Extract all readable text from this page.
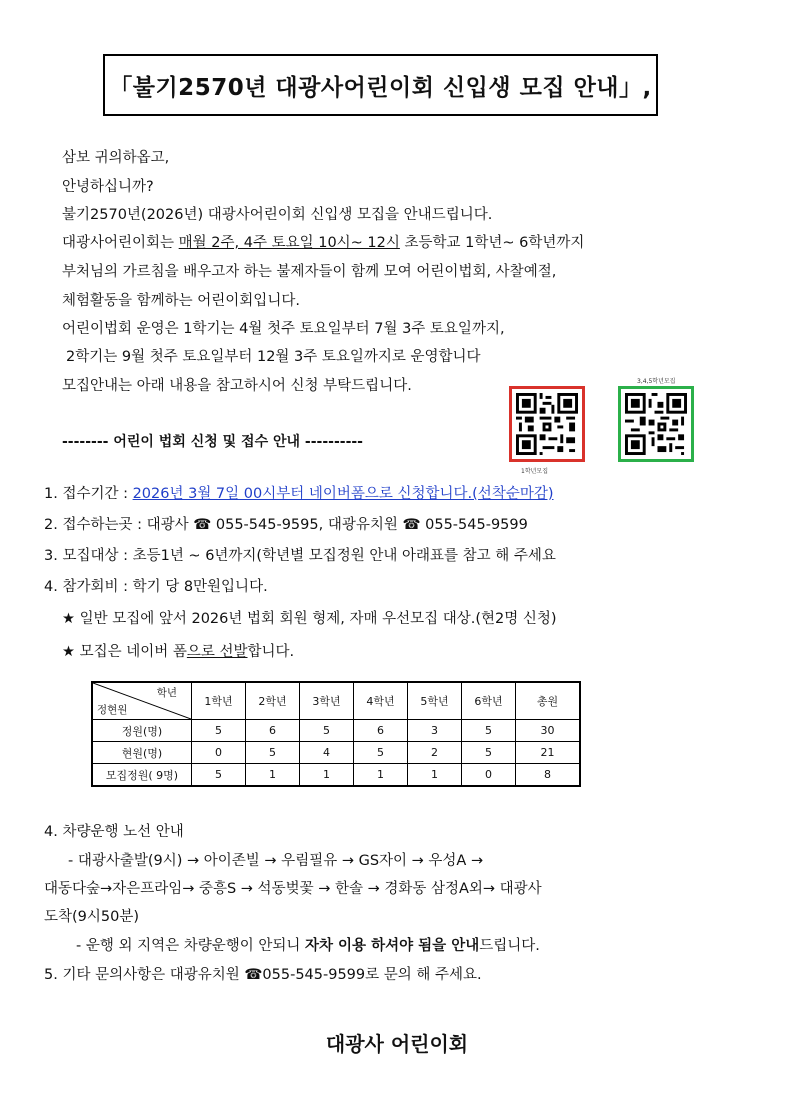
「불기2570년 대광사어린이회 신입생 모집 안내」,
삼보 귀의하옵고,
안녕하십니까?
불기2570년(2026년) 대광사어린이회 신입생 모집을 안내드립니다.
대광사어린이회는 매월 2주, 4주 토요일 10시~ 12시 초등학교 1학년~ 6학년까지
부처님의 가르침을 배우고자 하는 불제자들이 함께 모여 어린이법회, 사찰예절,
체험활동을 함께하는 어린이회입니다.
어린이법회 운영은 1학기는 4월 첫주 토요일부터 7월 3주 토요일까지,
2학기는 9월 첫주 토요일부터 12월 3주 토요일까지로 운영합니다
모집안내는 아래 내용을 참고하시어 신청 부탁드립니다.	3,4,5학년모집
1학년모집
-------- 어린이 법회 신청 및 접수 안내 ----------
1. 접수기간 : 2026년 3월 7일 00시부터 네이버폼으로 신청합니다.(선착순마감)
2. 접수하는곳 : 대광사 ☎ 055-545-9595, 대광유치원 ☎ 055-545-9599
3. 모집대상 : 초등1년 ~ 6년까지(학년별 모집정원 안내 아래표를 참고 해 주세요
4. 참가회비 : 학기 당 8만원입니다.
★ 일반 모집에 앞서 2026년 법회 회원 형제, 자매 우선모집 대상.(현2명 신청)
★ 모집은 네이버 폼으로 선발합니다.
학년
정현원	1학년	2학년	3학년	4학년	5학년	6학년	총원
정원(명)	5	6	5	6	3	5	30
현원(명)	0	5	4	5	2	5	21
모집정원( 9명)	5	1	1	1	1	0	8
4. 차량운행 노선 안내
- 대광사출발(9시) → 아이존빌 → 우림필유 → GS자이 → 우성A →
대동다숲→자은프라임→ 중흥S → 석동벚꽃 → 한솔 → 경화동 삼정A외→ 대광사
도착(9시50분)
- 운행 외 지역은 차량운행이 안되니 자차 이용 하셔야 됨을 안내드립니다.
5. 기타 문의사항은 대광유치원 ☎055-545-9599로 문의 해 주세요.
대광사 어린이회
